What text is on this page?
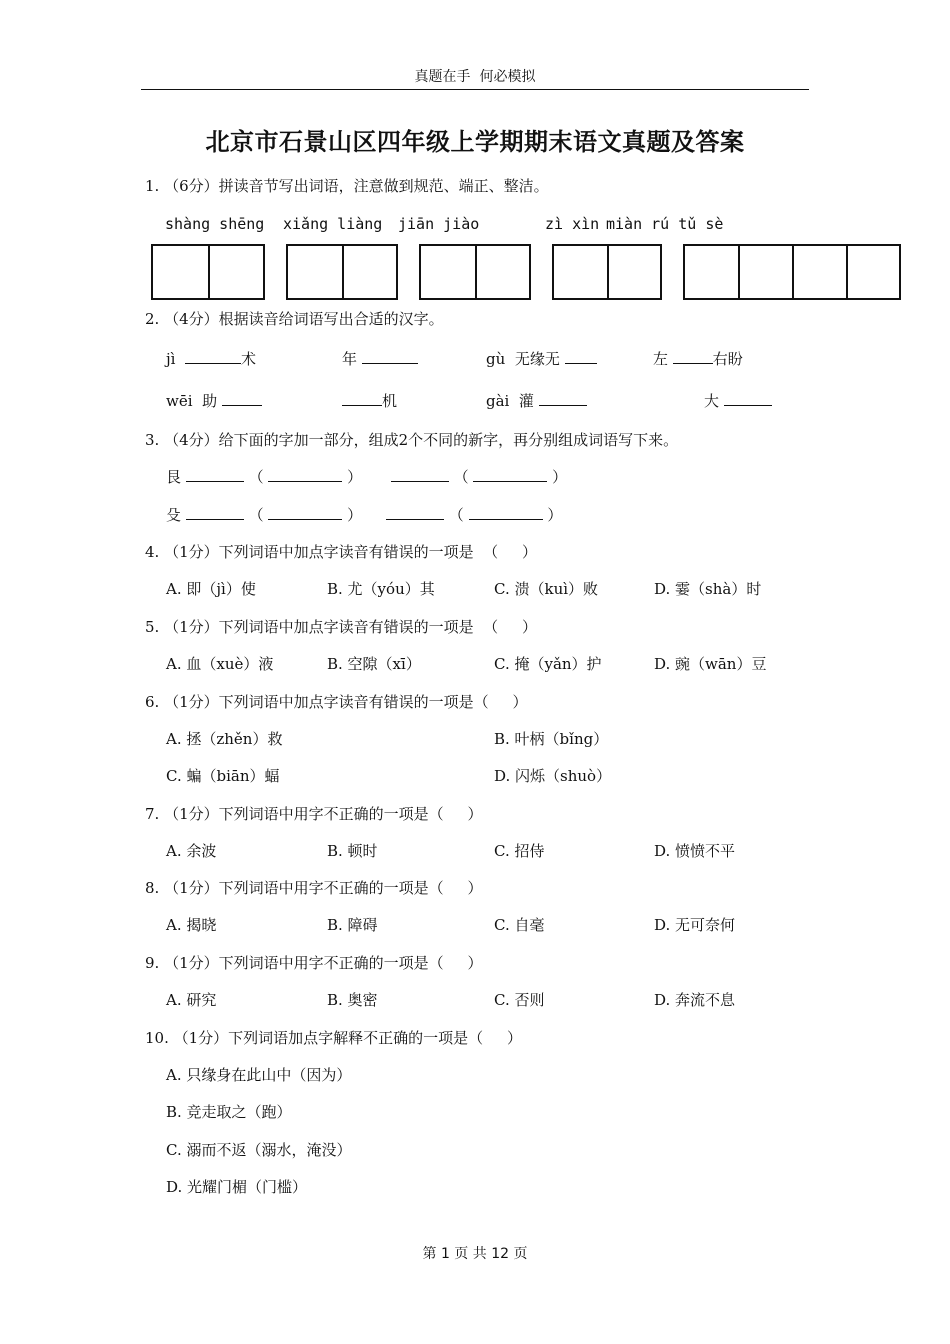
真题在手  何必模拟
北京市石景山区四年级上学期期末语文真题及答案
1. （6分）拼读音节写出词语，注意做到规范、端正、整洁。
shàng shēng xiǎng liàng jiān jiào	zì xìn miàn rú tǔ sè
2. （4分）根据读音给词语写出合适的汉字。
jì	术	年	gù 无缘无	左	右盼
wēi 助	机	gài 灌	大
3. （4分）给下面的字加一部分，组成2个不同的新字，再分别组成词语写下来。
艮	（	）	（	）
殳	（	）	（	）
4. （1分）下列词语中加点字读音有错误的一项是  （     ）
A. 即（jì）使	B. 尤（yóu）其	C. 溃（kuì）败	D. 霎（shà）时
5. （1分）下列词语中加点字读音有错误的一项是  （     ）
A. 血（xuè）液	B. 空隙（xī）	C. 掩（yǎn）护	D. 豌（wān）豆
6. （1分）下列词语中加点字读音有错误的一项是（     ）
A. 拯（zhěn）救	B. 叶柄（bǐng）
C. 蝙（biān）蝠	D. 闪烁（shuò）
7. （1分）下列词语中用字不正确的一项是（     ）
A. 余波	B. 顿时	C. 招侍	D. 愤愤不平
8. （1分）下列词语中用字不正确的一项是（     ）
A. 揭晓	B. 障碍	C. 自毫	D. 无可奈何
9. （1分）下列词语中用字不正确的一项是（     ）
A. 研究	B. 奥密	C. 否则	D. 奔流不息
10. （1分）下列词语加点字解释不正确的一项是（     ）
A. 只缘身在此山中（因为）
B. 竞走取之（跑）
C. 溺而不返（溺水，淹没）
D. 光耀门楣（门槛）
第 1 页 共 12 页
